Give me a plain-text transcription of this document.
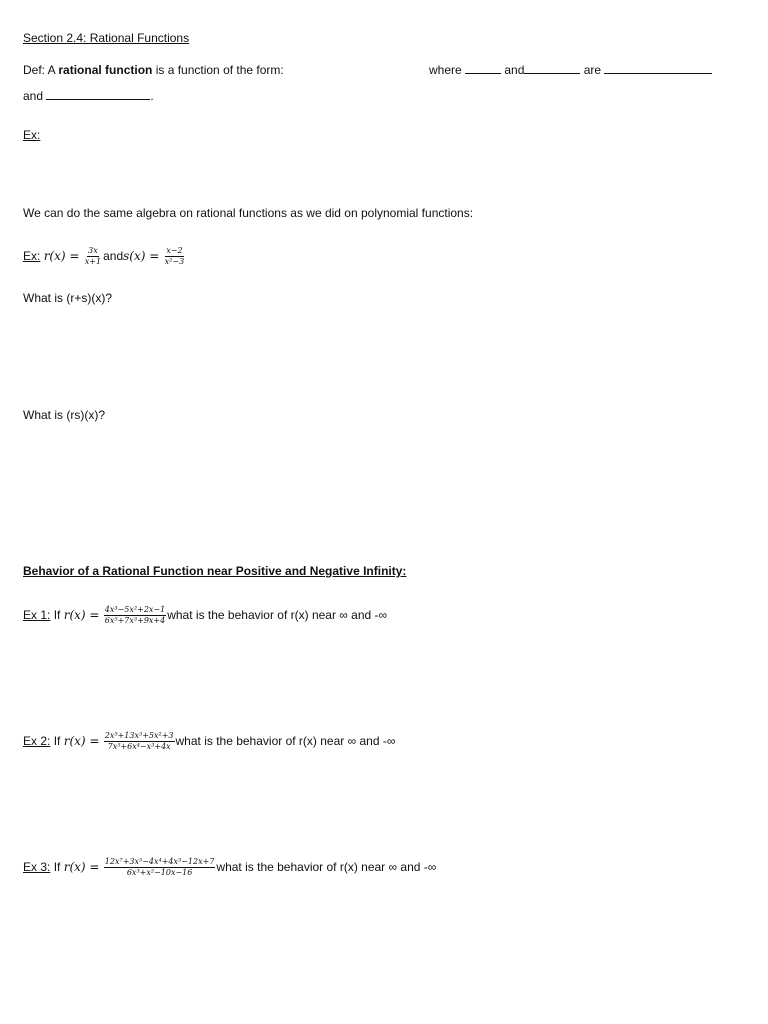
Section 2.4: Rational Functions
Def: A rational function is a function of the form:	where	and	are
and	.
Ex:
We can do the same algebra on rational functions as we did on polynomial functions:
Ex: $r(x) = \frac{3x}{x+1}$ ands(x) = $\frac{x-2}{\text{x²−3}}$
What is (r+s)(x)?
What is (rs)(x)?
Behavior of a Rational Function near Positive and Negative Infinity:
Ex 1: If $r(x) = \frac{\text{4x³−5x²+2x−1}}{\text{6x⁵+7x³+9x+4}}$ what is the behavior of r(x) near ∞ and -∞
Ex 2: If $r(x) = \frac{\text{2x⁵+13x³+5x²+3}}{\text{7x⁵+6x⁴−x³+4x}}$ what is the behavior of r(x) near ∞ and -∞
Ex 3: If $r(x) = \frac{\text{12x⁷+3x⁵−4x⁴+4x³−12x+7}}{\text{6x³+x²−10x−16}}$ what is the behavior of r(x) near ∞ and -∞
